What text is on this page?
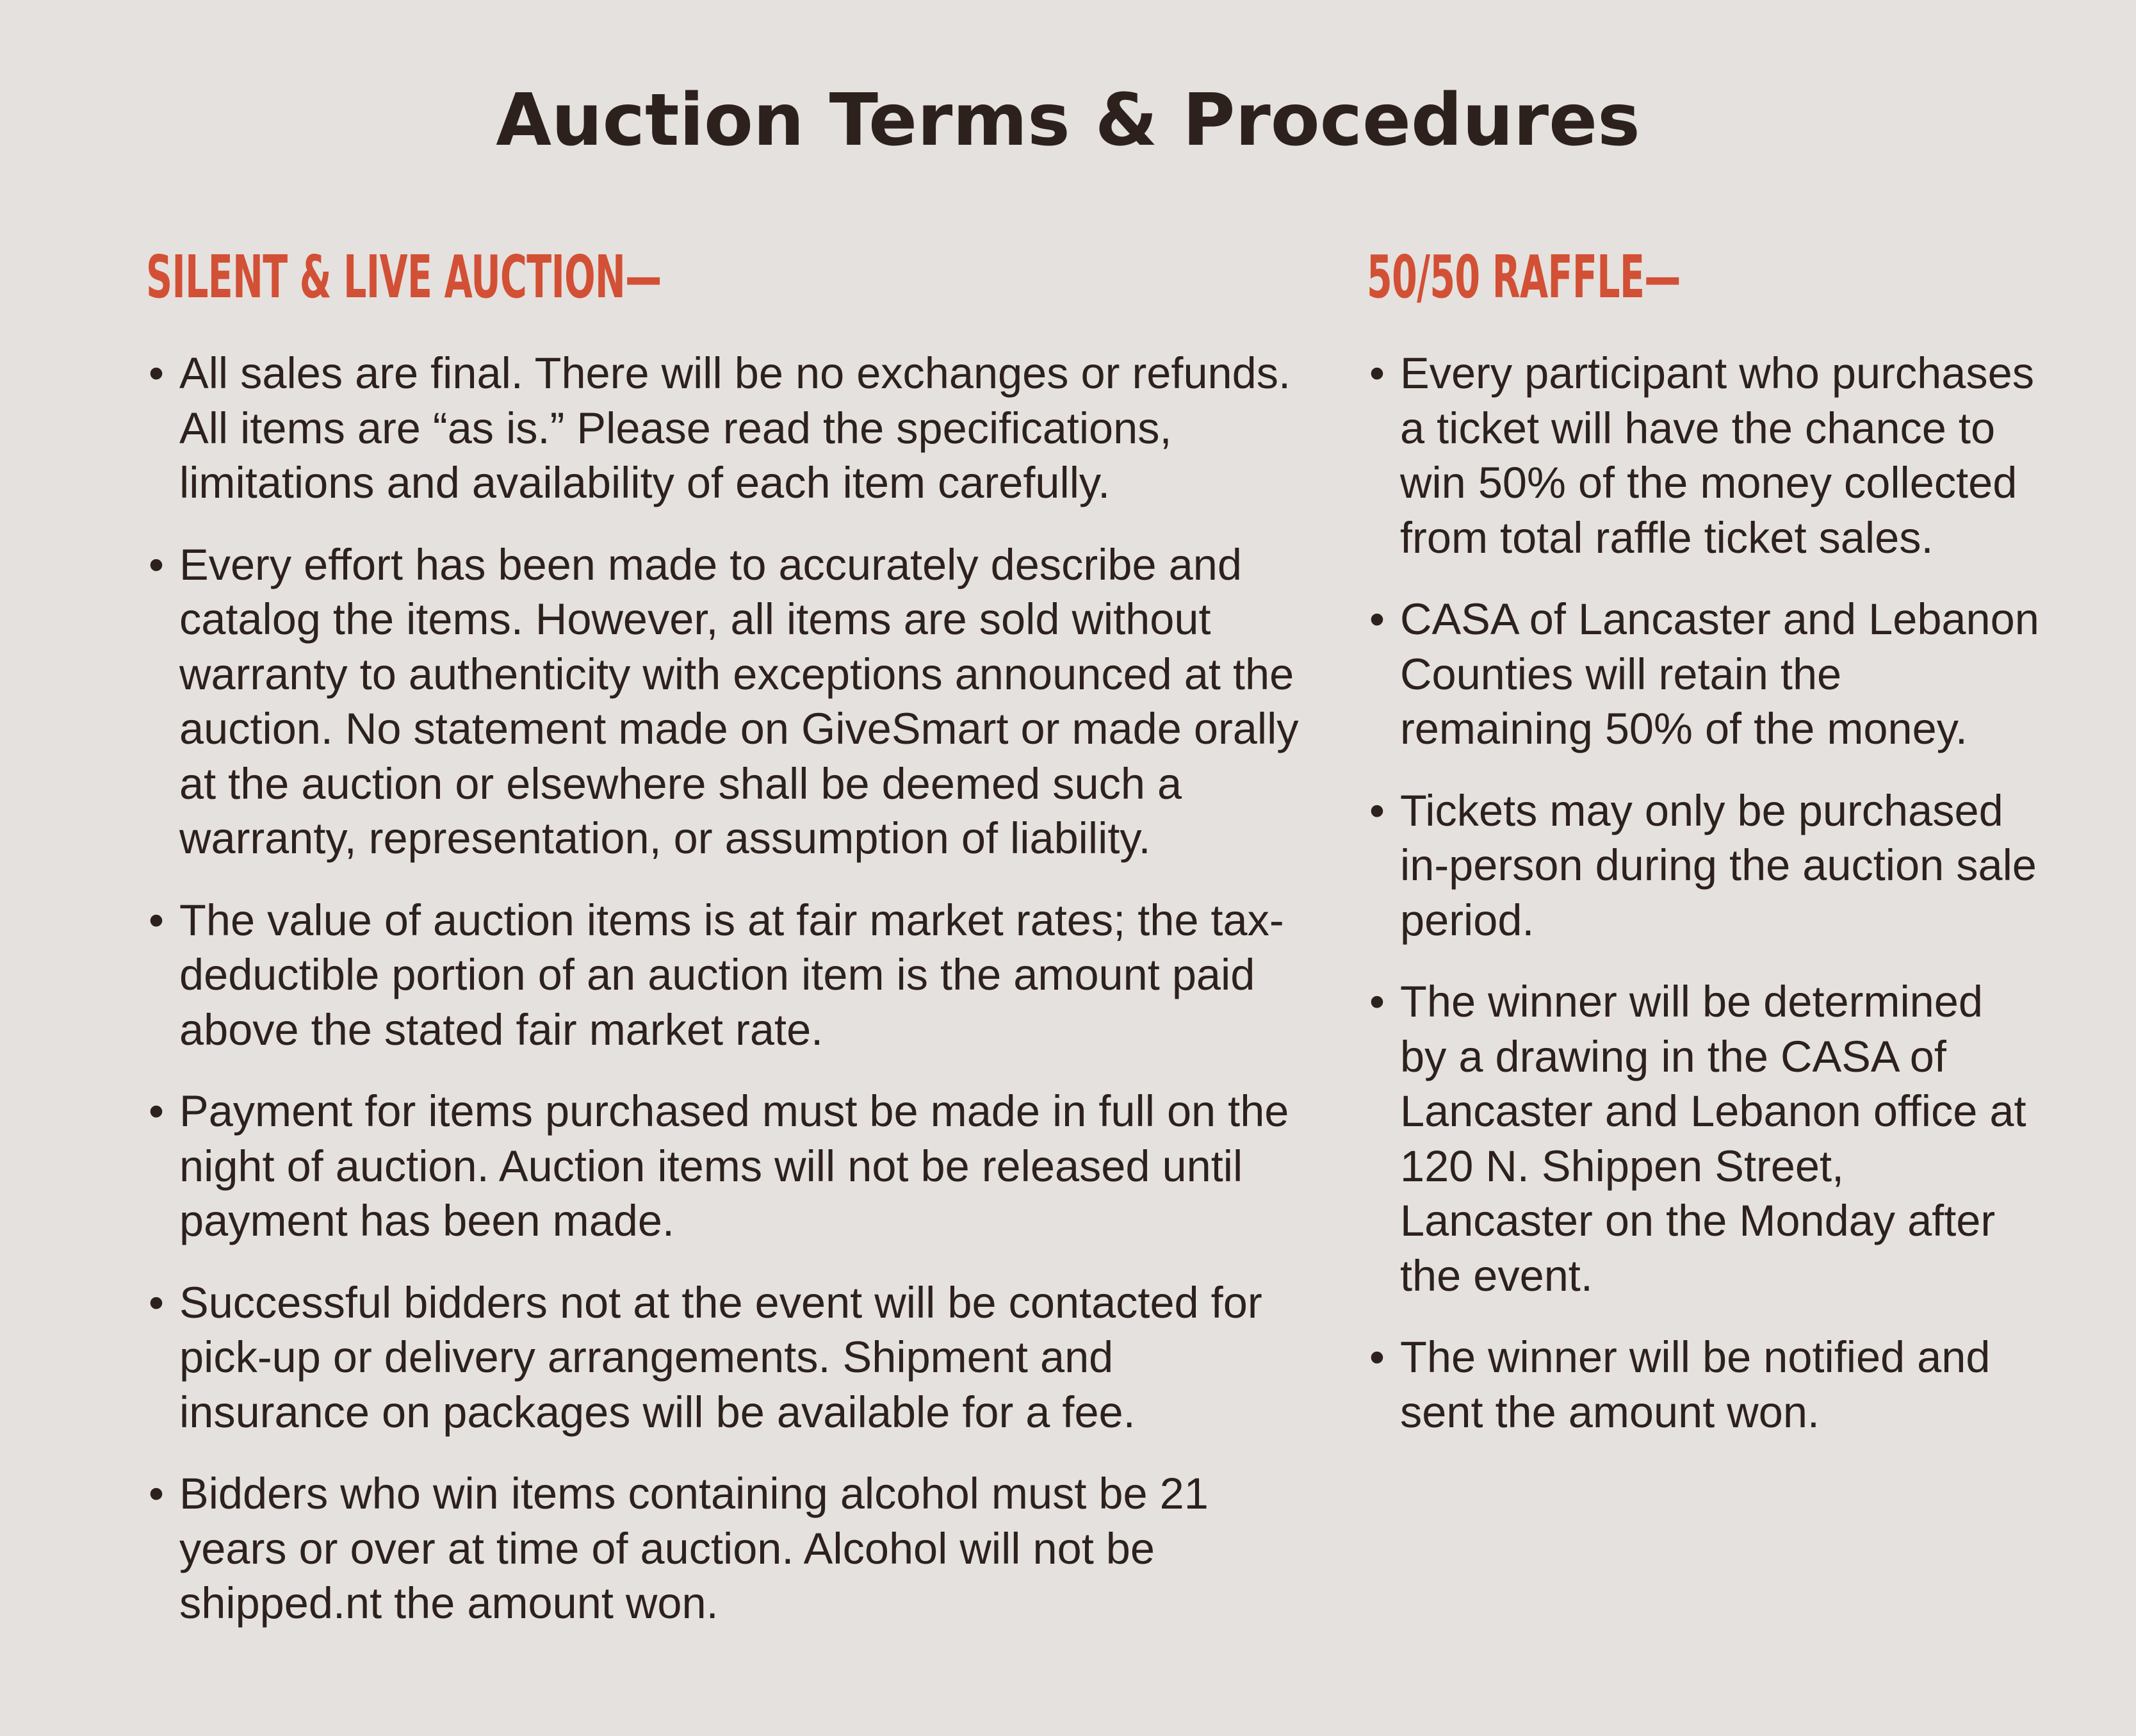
Auction Terms & Procedures
SILENT & LIVE AUCTION—
• All sales are final. There will be no exchanges or refunds. All items are “as is.” Please read the specifications, limitations and availability of each item carefully.
• Every effort has been made to accurately describe and catalog the items. However, all items are sold without warranty to authenticity with exceptions announced at the auction. No statement made on GiveSmart or made orally at the auction or elsewhere shall be deemed such a warranty, representation, or assumption of liability.
• The value of auction items is at fair market rates; the tax-deductible portion of an auction item is the amount paid above the stated fair market rate.
• Payment for items purchased must be made in full on the night of auction. Auction items will not be released until payment has been made.
• Successful bidders not at the event will be contacted for pick-up or delivery arrangements. Shipment and insurance on packages will be available for a fee.
• Bidders who win items containing alcohol must be 21 years or over at time of auction. Alcohol will not be shipped.nt the amount won.
50/50 RAFFLE—
• Every participant who purchases a ticket will have the chance to win 50% of the money collected from total raffle ticket sales.
• CASA of Lancaster and Lebanon Counties will retain the remaining 50% of the money.
• Tickets may only be purchased in-person during the auction sale period.
• The winner will be determined by a drawing in the CASA of Lancaster and Lebanon office at 120 N. Shippen Street, Lancaster on the Monday after the event.
• The winner will be notified and sent the amount won.
